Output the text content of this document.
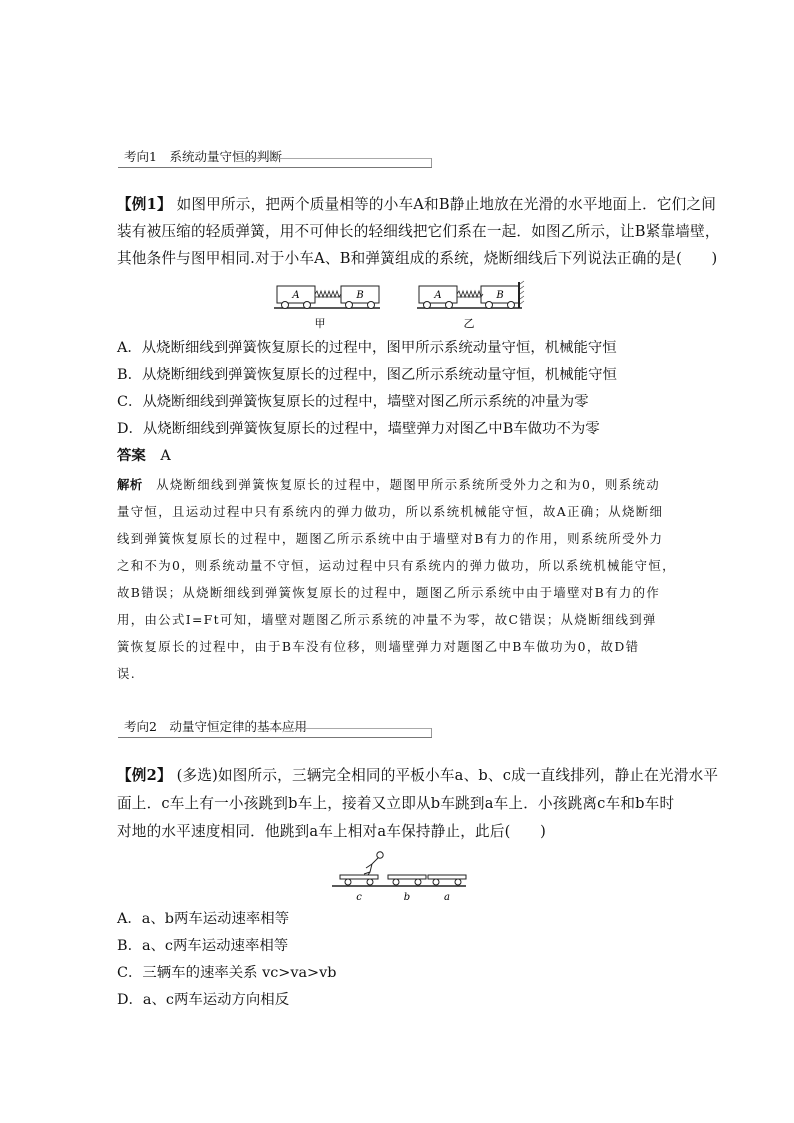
考向1　系统动量守恒的判断
【例1】 如图甲所示，把两个质量相等的小车A和B静止地放在光滑的水平地面上．它们之间
装有被压缩的轻质弹簧，用不可伸长的轻细线把它们系在一起．如图乙所示，让B紧靠墙壁，
其他条件与图甲相同.对于小车A、B和弹簧组成的系统，烧断细线后下列说法正确的是(　　)
A	B
甲
A	B
乙
A．从烧断细线到弹簧恢复原长的过程中，图甲所示系统动量守恒，机械能守恒
B．从烧断细线到弹簧恢复原长的过程中，图乙所示系统动量守恒，机械能守恒
C．从烧断细线到弹簧恢复原长的过程中，墙壁对图乙所示系统的冲量为零
D．从烧断细线到弹簧恢复原长的过程中，墙壁弹力对图乙中B车做功不为零
答案 A
解析 从烧断细线到弹簧恢复原长的过程中，题图甲所示系统所受外力之和为0，则系统动
量守恒，且运动过程中只有系统内的弹力做功，所以系统机械能守恒，故A正确；从烧断细
线到弹簧恢复原长的过程中，题图乙所示系统中由于墙壁对B有力的作用，则系统所受外力
之和不为0，则系统动量不守恒，运动过程中只有系统内的弹力做功，所以系统机械能守恒，
故B错误；从烧断细线到弹簧恢复原长的过程中，题图乙所示系统中由于墙壁对B有力的作
用，由公式I=Ft可知，墙壁对题图乙所示系统的冲量不为零，故C错误；从烧断细线到弹
簧恢复原长的过程中，由于B车没有位移，则墙壁弹力对题图乙中B车做功为0，故D错
误.
考向2　动量守恒定律的基本应用
【例2】 (多选)如图所示，三辆完全相同的平板小车a、b、c成一直线排列，静止在光滑水平
面上．c车上有一小孩跳到b车上，接着又立即从b车跳到a车上．小孩跳离c车和b车时
对地的水平速度相同．他跳到a车上相对a车保持静止，此后(　　)
c	b	a
A．a、b两车运动速率相等
B．a、c两车运动速率相等
C．三辆车的速率关系 vc>va>vb
D．a、c两车运动方向相反
